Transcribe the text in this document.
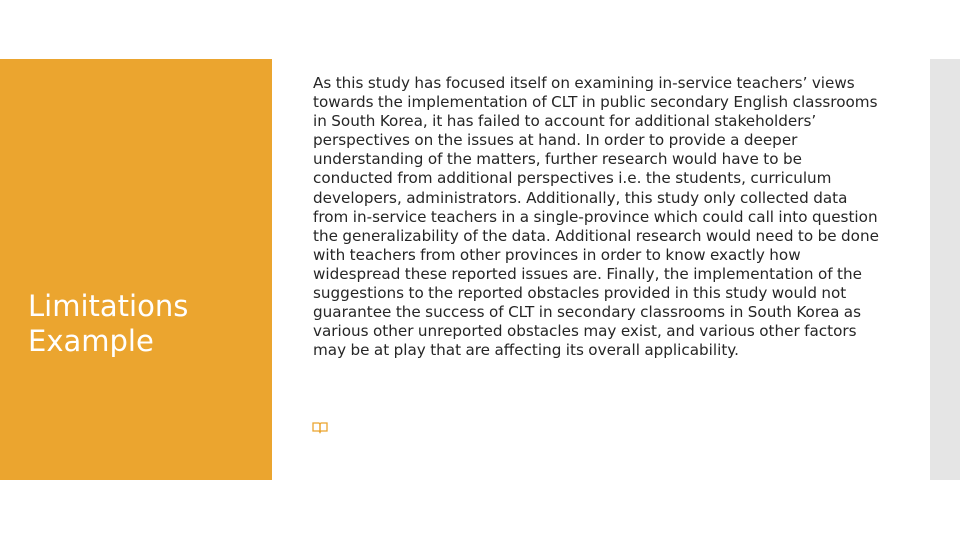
Limitations
Example

As this study has focused itself on examining in-service teachers’ views towards the implementation of CLT in public secondary English classrooms in South Korea, it has failed to account for additional stakeholders’ perspectives on the issues at hand. In order to provide a deeper understanding of the matters, further research would have to be conducted from additional perspectives i.e. the students, curriculum developers, administrators. Additionally, this study only collected data from in-service teachers in a single-province which could call into question the generalizability of the data. Additional research would need to be done with teachers from other provinces in order to know exactly how widespread these reported issues are. Finally, the implementation of the suggestions to the reported obstacles provided in this study would not guarantee the success of CLT in secondary classrooms in South Korea as various other unreported obstacles may exist, and various other factors may be at play that are affecting its overall applicability.
